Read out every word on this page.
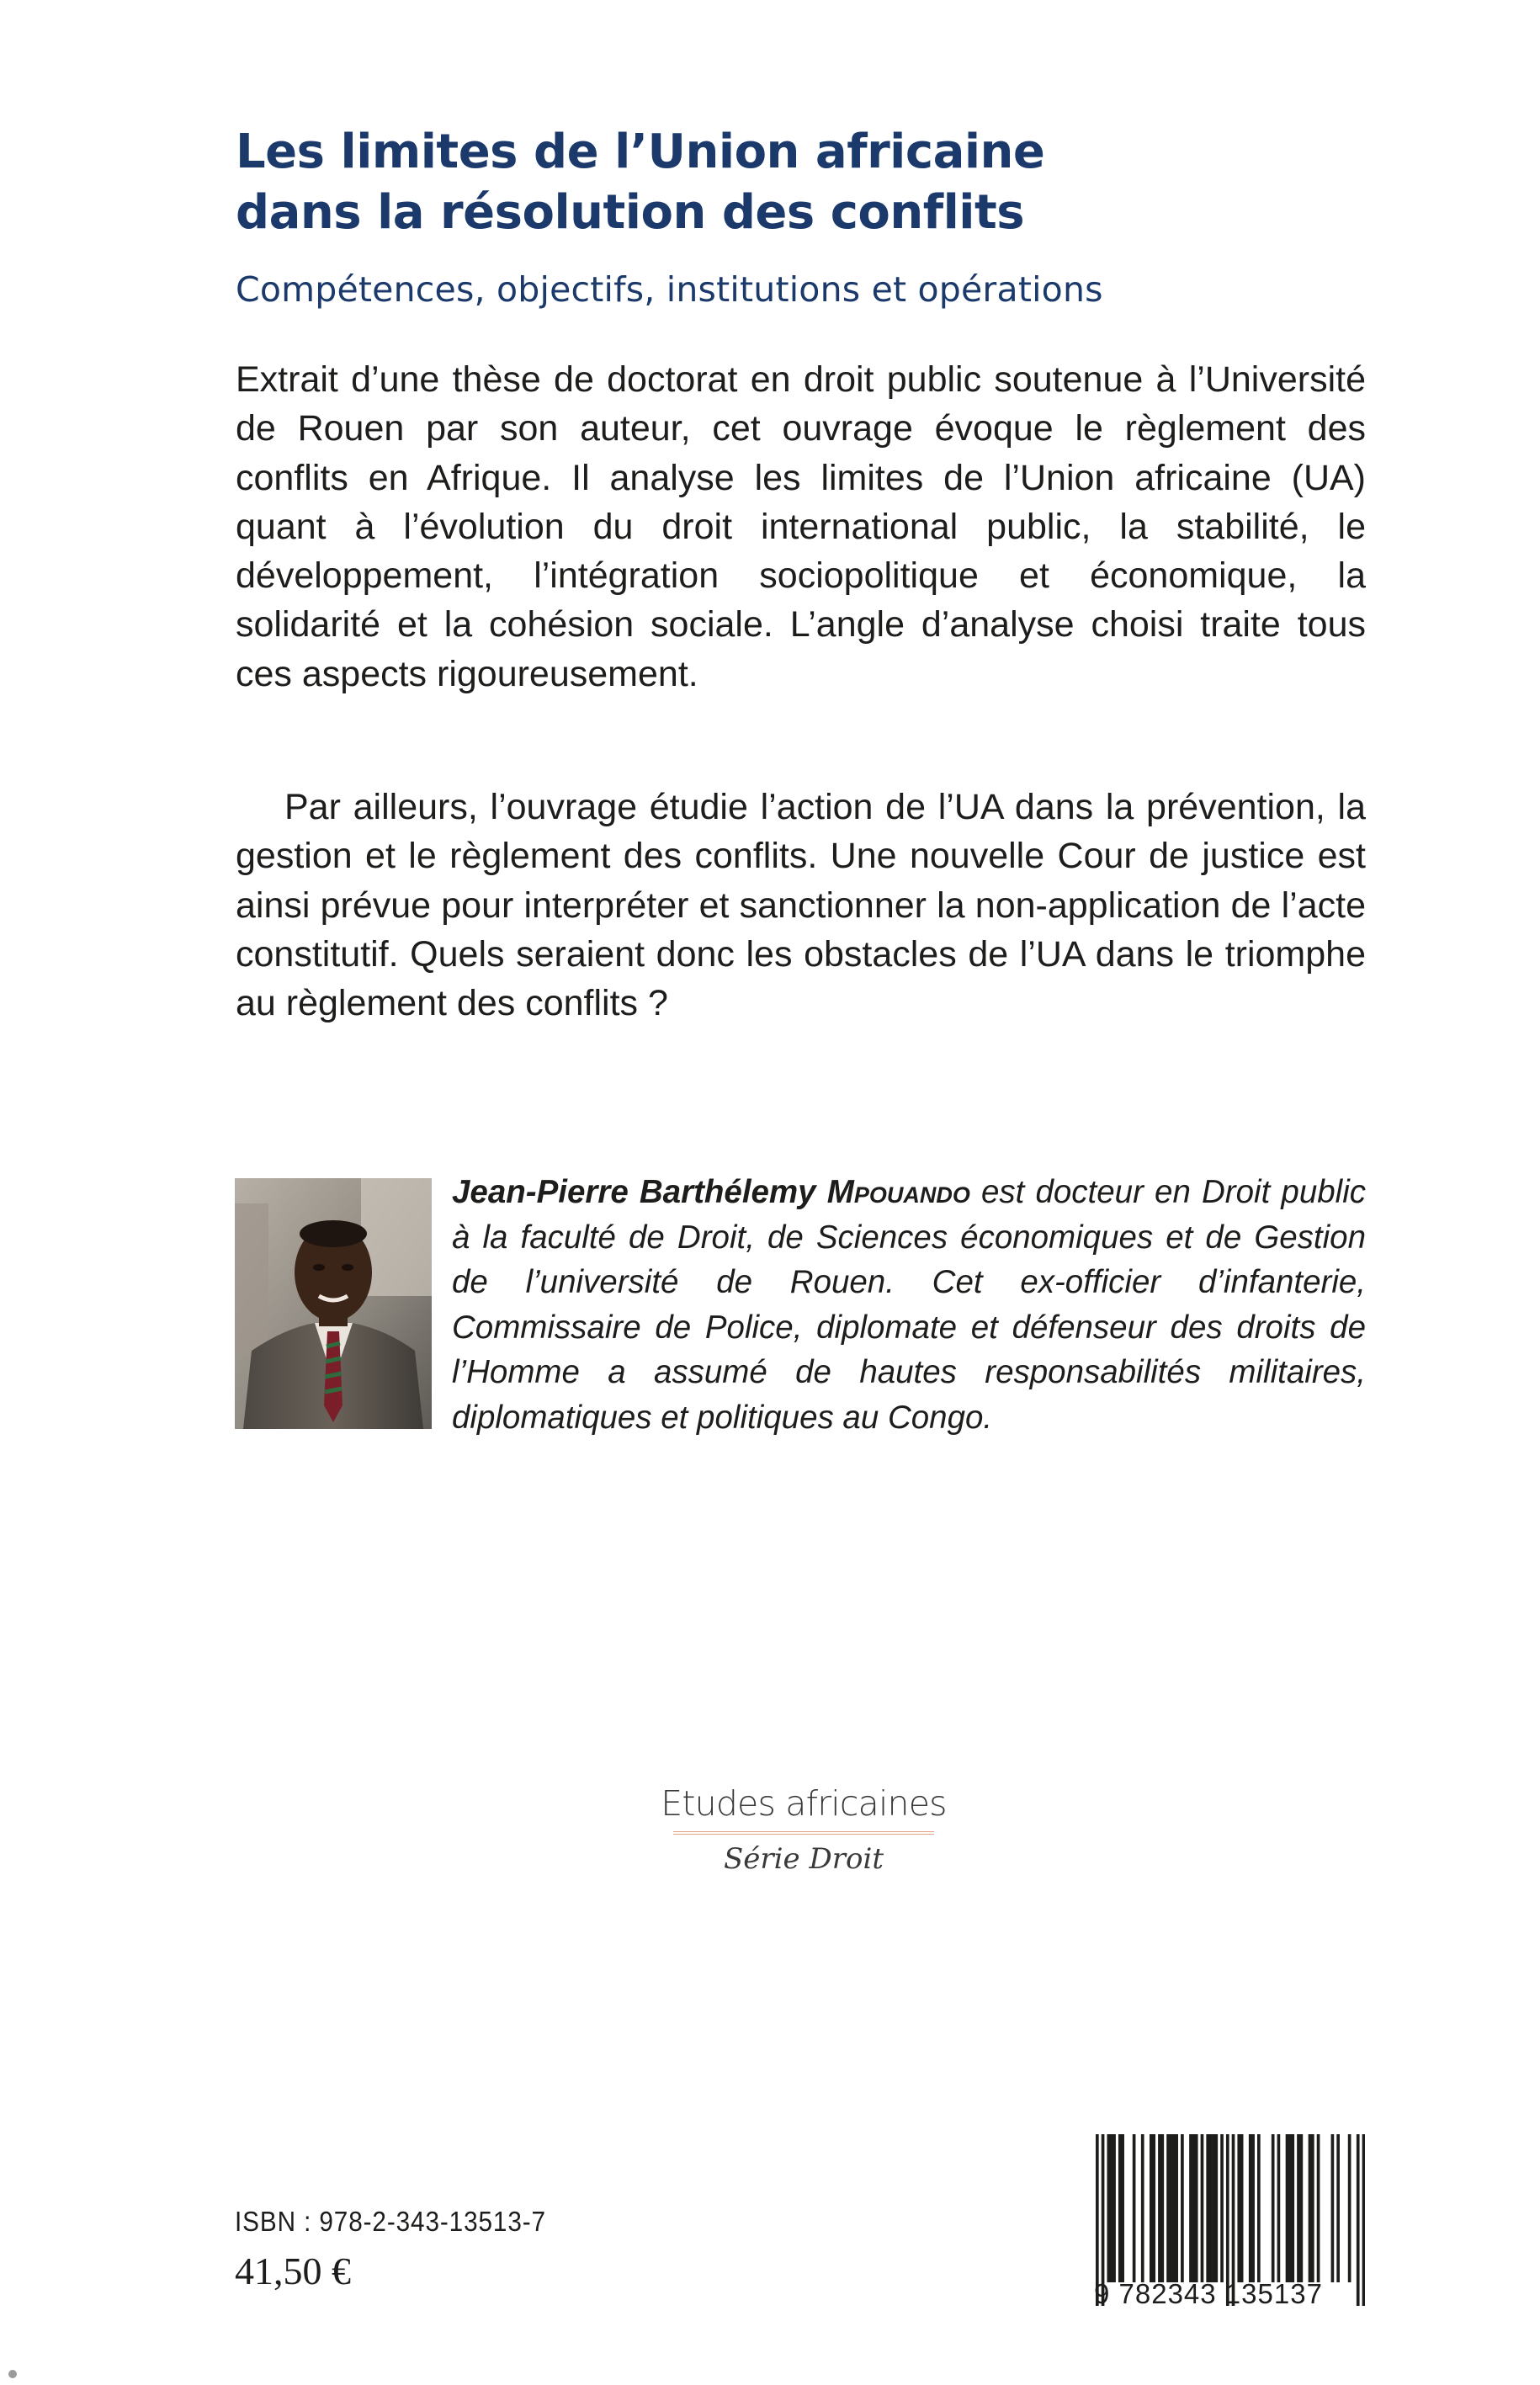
Les limites de l’Union africaine
dans la résolution des conflits

Compétences, objectifs, institutions et opérations

Extrait d’une thèse de doctorat en droit public soutenue à l’Université de Rouen par son auteur, cet ouvrage évoque le règlement des conflits en Afrique. Il analyse les limites de l’Union africaine (UA) quant à l’évolution du droit international public, la stabilité, le développement, l’intégration sociopolitique et économique, la solidarité et la cohésion sociale. L’angle d’analyse choisi traite tous ces aspects rigoureusement.

Par ailleurs, l’ouvrage étudie l’action de l’UA dans la prévention, la gestion et le règlement des conflits. Une nouvelle Cour de justice est ainsi prévue pour interpréter et sanctionner la non-application de l’acte constitutif. Quels seraient donc les obstacles de l’UA dans le triomphe au règlement des conflits ?

Jean-Pierre Barthélemy Mpouando est docteur en Droit public à la faculté de Droit, de Sciences économiques et de Gestion de l’université de Rouen. Cet ex-officier d’infanterie, Commissaire de Police, diplomate et défenseur des droits de l’Homme a assumé de hautes responsabilités militaires, diplomatiques et politiques au Congo.

Etudes africaines
Série Droit
ISBN : 978-2-343-13513-7
41,50 €
9 782343 135137
